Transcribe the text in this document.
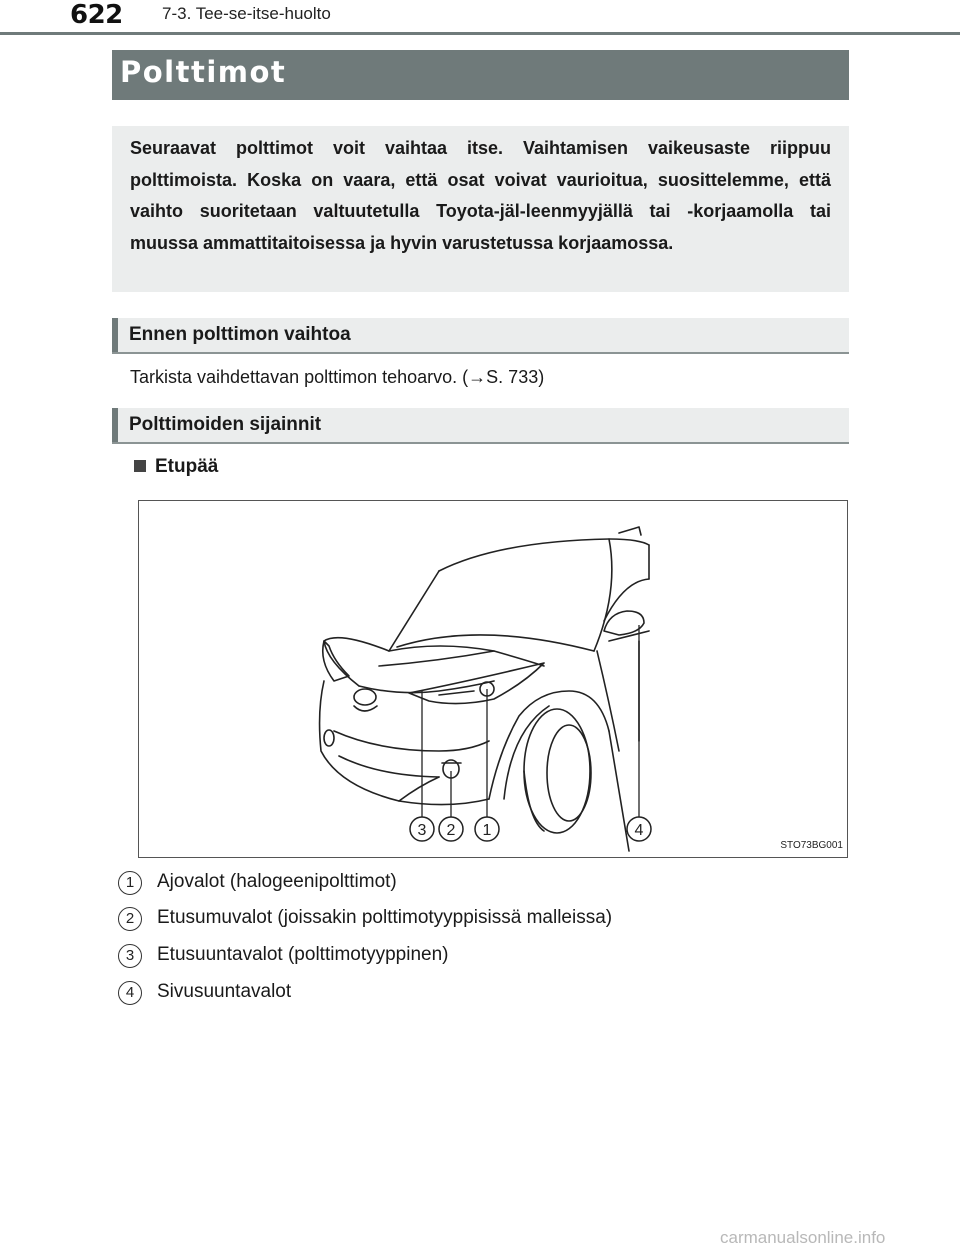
622 7-3. Tee-se-itse-huolto
Polttimot

Seuraavat polttimot voit vaihtaa itse. Vaihtamisen vaikeusaste riippuu polttimoista. Koska on vaara, että osat voivat vaurioitua, suosittelemme, että vaihto suoritetaan valtuutetulla Toyota-jäl-leenmyyjällä tai -korjaamolla tai muussa ammattitaitoisessa ja hyvin varustetussa korjaamossa.

Ennen polttimon vaihtoa
Tarkista vaihdettavan polttimon tehoarvo. (→S. 733)
Polttimoiden sijainnit
Etupää
3 2 1	4
STO73BG001
1	Ajovalot (halogeenipolttimot)
2	Etusumuvalot (joissakin polttimotyyppisissä malleissa)
3	Etusuuntavalot (polttimotyyppinen)
4	Sivusuuntavalot
carmanualsonline.info
